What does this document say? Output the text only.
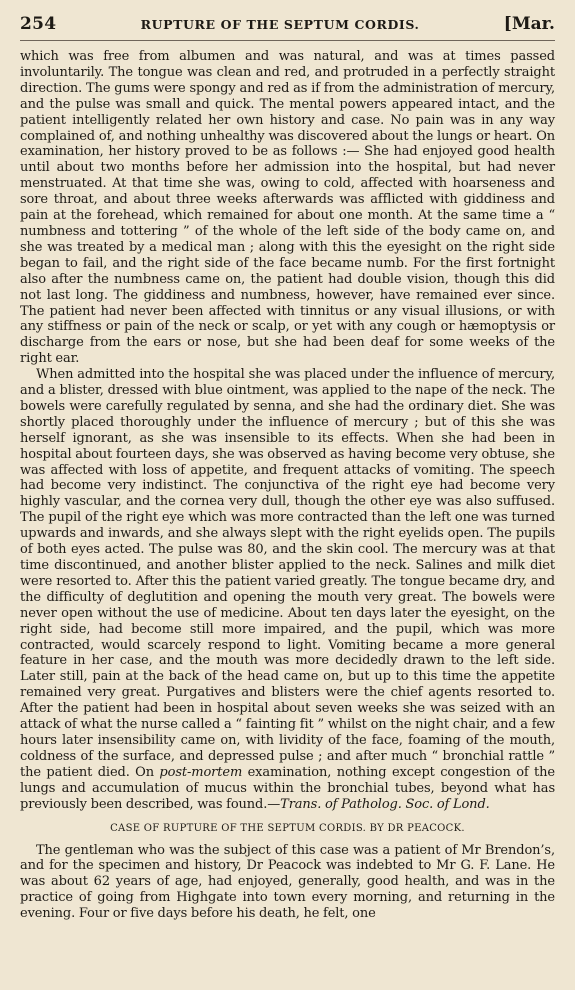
254	RUPTURE OF THE SEPTUM CORDIS.	[Mar.

which was free from albumen and was natural, and was at times passed involuntarily. The tongue was clean and red, and protruded in a perfectly straight direction. The gums were spongy and red as if from the administration of mercury, and the pulse was small and quick. The mental powers appeared intact, and the patient intelligently related her own history and case. No pain was in any way complained of, and nothing unhealthy was discovered about the lungs or heart. On examination, her history proved to be as follows :— She had enjoyed good health until about two months before her admission into the hospital, but had never menstruated. At that time she was, owing to cold, affected with hoarseness and sore throat, and about three weeks afterwards was afflicted with giddiness and pain at the forehead, which remained for about one month. At the same time a “ numbness and tottering ” of the whole of the left side of the body came on, and she was treated by a medical man ; along with this the eyesight on the right side began to fail, and the right side of the face became numb. For the first fortnight also after the numbness came on, the patient had double vision, though this did not last long. The giddiness and numbness, however, have remained ever since. The patient had never been affected with tinnitus or any visual illusions, or with any stiffness or pain of the neck or scalp, or yet with any cough or hæmoptysis or discharge from the ears or nose, but she had been deaf for some weeks of the right ear.

When admitted into the hospital she was placed under the influence of mercury, and a blister, dressed with blue ointment, was applied to the nape of the neck. The bowels were carefully regulated by senna, and she had the ordinary diet. She was shortly placed thoroughly under the influence of mercury ; but of this she was herself ignorant, as she was insensible to its effects. When she had been in hospital about fourteen days, she was observed as having become very obtuse, she was affected with loss of appetite, and frequent attacks of vomiting. The speech had become very indistinct. The conjunctiva of the right eye had become very highly vascular, and the cornea very dull, though the other eye was also suffused. The pupil of the right eye which was more contracted than the left one was turned upwards and inwards, and she always slept with the right eyelids open. The pupils of both eyes acted. The pulse was 80, and the skin cool. The mercury was at that time discontinued, and another blister applied to the neck. Salines and milk diet were resorted to. After this the patient varied greatly. The tongue became dry, and the difficulty of deglutition and opening the mouth very great. The bowels were never open without the use of medicine. About ten days later the eyesight, on the right side, had become still more impaired, and the pupil, which was more contracted, would scarcely respond to light. Vomiting became a more general feature in her case, and the mouth was more decidedly drawn to the left side. Later still, pain at the back of the head came on, but up to this time the appetite remained very great. Purgatives and blisters were the chief agents resorted to. After the patient had been in hospital about seven weeks she was seized with an attack of what the nurse called a “ fainting fit ” whilst on the night chair, and a few hours later insensibility came on, with lividity of the face, foaming of the mouth, coldness of the surface, and depressed pulse ; and after much “ bronchial rattle ” the patient died. On post-mortem examination, nothing except congestion of the lungs and accumulation of mucus within the bronchial tubes, beyond what has previously been described, was found.—Trans. of Patholog. Soc. of Lond.

CASE OF RUPTURE OF THE SEPTUM CORDIS. BY DR PEACOCK.

The gentleman who was the subject of this case was a patient of Mr Brendon’s, and for the specimen and history, Dr Peacock was indebted to Mr G. F. Lane. He was about 62 years of age, had enjoyed, generally, good health, and was in the practice of going from Highgate into town every morning, and returning in the evening. Four or five days before his death, he felt, one
